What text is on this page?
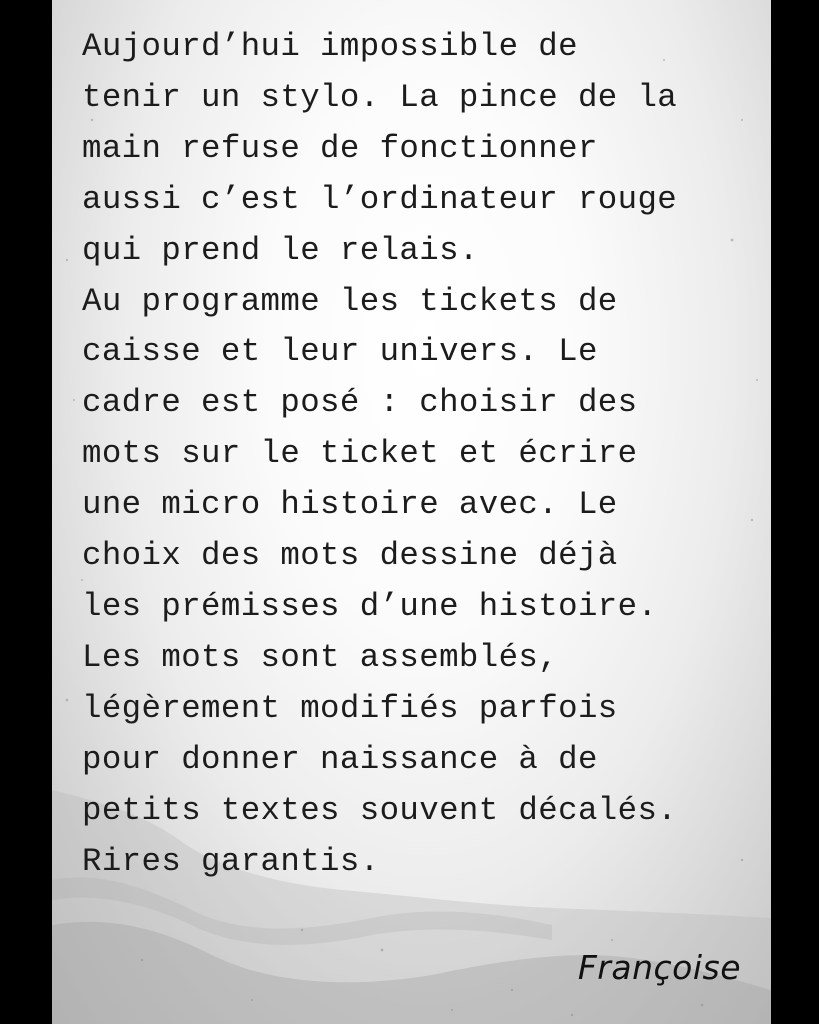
Aujourd’hui impossible de
tenir un stylo. La pince de la
main refuse de fonctionner
aussi c’est l’ordinateur rouge
qui prend le relais.
Au programme les tickets de
caisse et leur univers. Le
cadre est posé : choisir des
mots sur le ticket et écrire
une micro histoire avec. Le
choix des mots dessine déjà
les prémisses d’une histoire.
Les mots sont assemblés,
légèrement modifiés parfois
pour donner naissance à de
petits textes souvent décalés.
Rires garantis.
Françoise
